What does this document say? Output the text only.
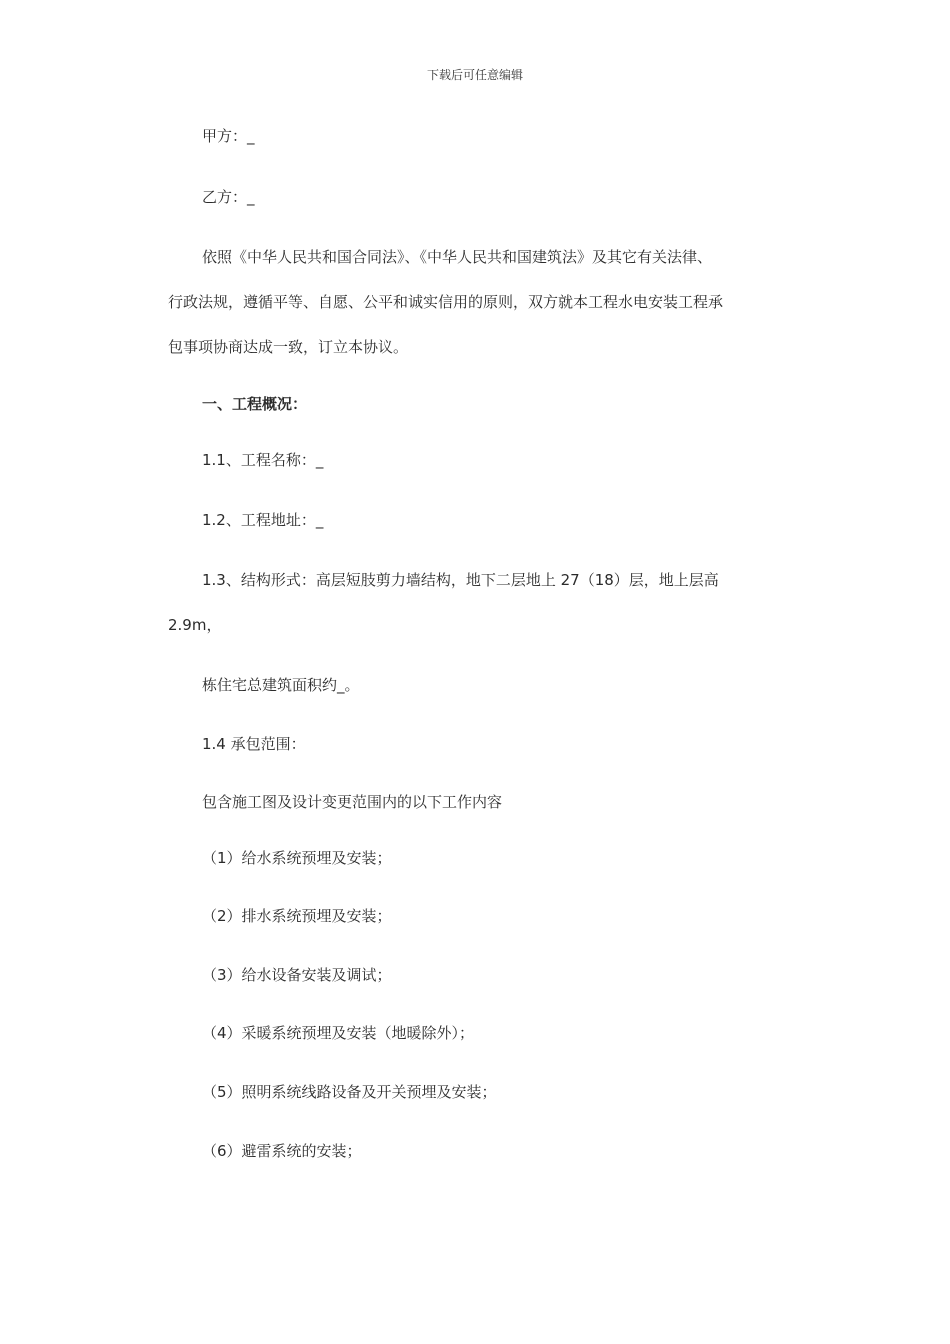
下载后可任意编辑
甲方：_
乙方：_
依照《中华人民共和国合同法》、《中华人民共和国建筑法》及其它有关法律、
行政法规，遵循平等、自愿、公平和诚实信用的原则，双方就本工程水电安装工程承
包事项协商达成一致，订立本协议。
一、工程概况：
1.1、工程名称：_
1.2、工程地址：_
1.3、结构形式：高层短肢剪力墙结构，地下二层地上 27（18）层，地上层高
2.9m，
栋住宅总建筑面积约_。
1.4 承包范围：
包含施工图及设计变更范围内的以下工作内容
（1）给水系统预埋及安装；
（2）排水系统预埋及安装；
（3）给水设备安装及调试；
（4）采暖系统预埋及安装（地暖除外）；
（5）照明系统线路设备及开关预埋及安装；
（6）避雷系统的安装；
